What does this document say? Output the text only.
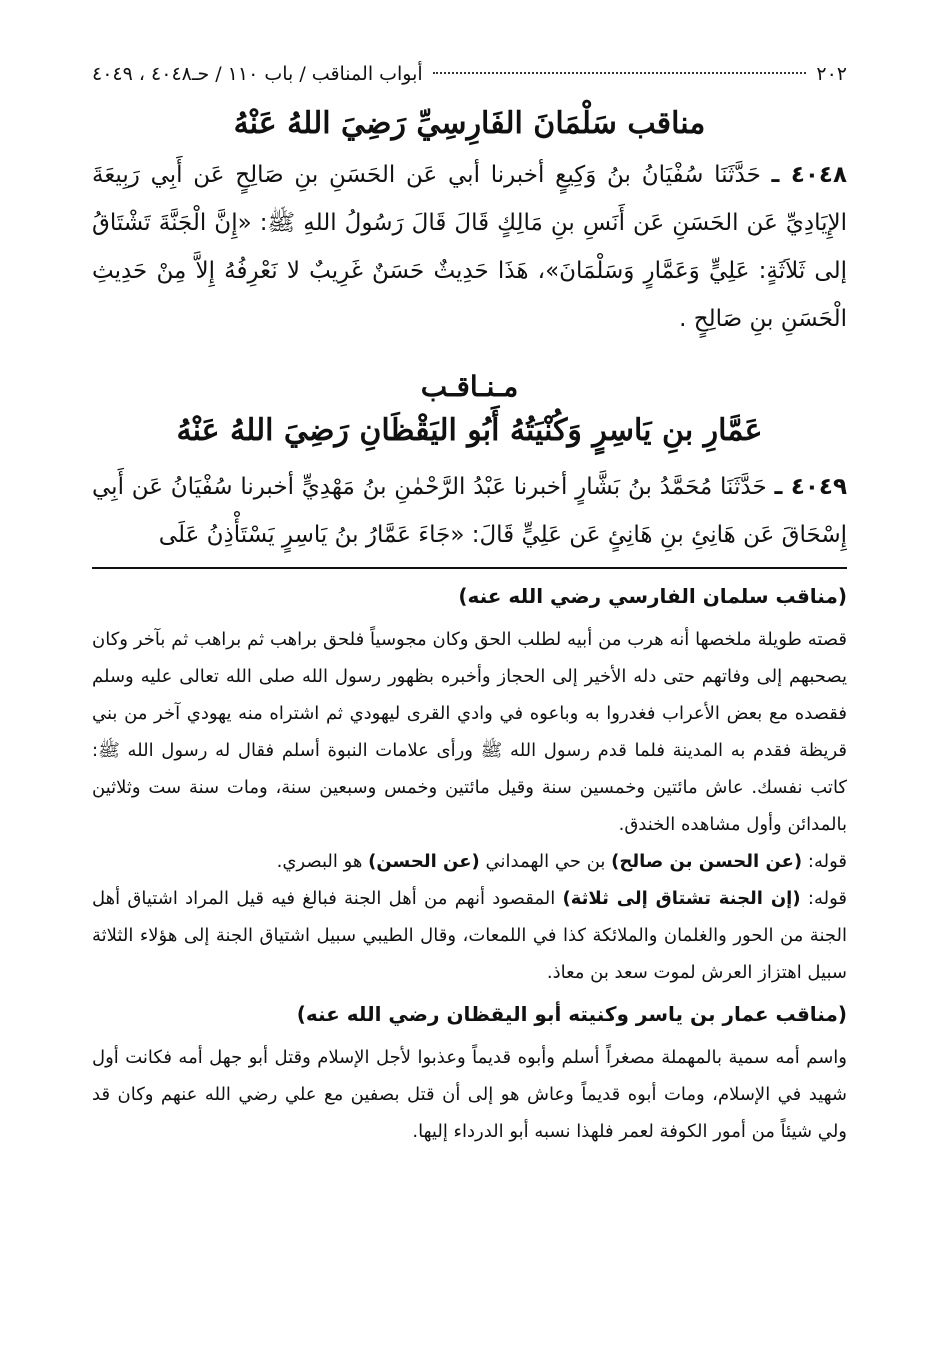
٢٠٢
أبواب المناقب / باب ١١٠ / حـ٤٠٤٨ ، ٤٠٤٩
مناقب سَلْمَانَ الفَارِسِيِّ رَضِيَ اللهُ عَنْهُ

٤٠٤٨ ـ حَدَّثَنَا سُفْيَانُ بنُ وَكِيعٍ أخبرنا أبي عَن الحَسَنِ بنِ صَالِحٍ عَن أَبِي رَبِيعَةَ الإِيَادِيِّ عَن الحَسَنِ عَن أَنَسِ بنِ مَالِكٍ قَالَ قَالَ رَسُولُ اللهِ ﷺ: «إِنَّ الْجَنَّةَ تَشْتَاقُ إلى ثَلاَثَةٍ: عَلِيٍّ وَعَمَّارٍ وَسَلْمَانَ»، هَذَا حَدِيثٌ حَسَنٌ غَرِيبٌ لا نَعْرِفُهُ إِلاَّ مِنْ حَدِيثِ الْحَسَنِ بنِ صَالِحٍ .

مـنـاقـب
عَمَّارِ بنِ يَاسِرٍ وَكُنْيَتُهُ أَبُو اليَقْظَانِ رَضِيَ اللهُ عَنْهُ

٤٠٤٩ ـ حَدَّثَنَا مُحَمَّدُ بنُ بَشَّارٍ أخبرنا عَبْدُ الرَّحْمٰنِ بنُ مَهْدِيٍّ أخبرنا سُفْيَانُ عَن أَبِي إِسْحَاقَ عَن هَانِئِ بنِ هَانِئٍ عَن عَلِيٍّ قَالَ: «جَاءَ عَمَّارُ بنُ يَاسِرٍ يَسْتَأْذِنُ عَلَى

(مناقب سلمان الفارسي رضي الله عنه)

قصته طويلة ملخصها أنه هرب من أبيه لطلب الحق وكان مجوسياً فلحق براهب ثم براهب ثم بآخر وكان يصحبهم إلى وفاتهم حتى دله الأخير إلى الحجاز وأخبره بظهور رسول الله صلى الله تعالى عليه وسلم فقصده مع بعض الأعراب فغدروا به وباعوه في وادي القرى ليهودي ثم اشتراه منه يهودي آخر من بني قريظة فقدم به المدينة فلما قدم رسول الله ﷺ ورأى علامات النبوة أسلم فقال له رسول الله ﷺ: كاتب نفسك. عاش مائتين وخمسين سنة وقيل مائتين وخمس وسبعين سنة، ومات سنة ست وثلاثين بالمدائن وأول مشاهده الخندق.

قوله: (عن الحسن بن صالح) بن حي الهمداني (عن الحسن) هو البصري.

قوله: (إن الجنة تشتاق إلى ثلاثة) المقصود أنهم من أهل الجنة فبالغ فيه قيل المراد اشتياق أهل الجنة من الحور والغلمان والملائكة كذا في اللمعات، وقال الطيبي سبيل اشتياق الجنة إلى هؤلاء الثلاثة سبيل اهتزاز العرش لموت سعد بن معاذ.

(مناقب عمار بن ياسر وكنيته أبو اليقظان رضي الله عنه)

واسم أمه سمية بالمهملة مصغراً أسلم وأبوه قديماً وعذبوا لأجل الإسلام وقتل أبو جهل أمه فكانت أول شهيد في الإسلام، ومات أبوه قديماً وعاش هو إلى أن قتل بصفين مع علي رضي الله عنهم وكان قد ولي شيئاً من أمور الكوفة لعمر فلهذا نسبه أبو الدرداء إليها.
